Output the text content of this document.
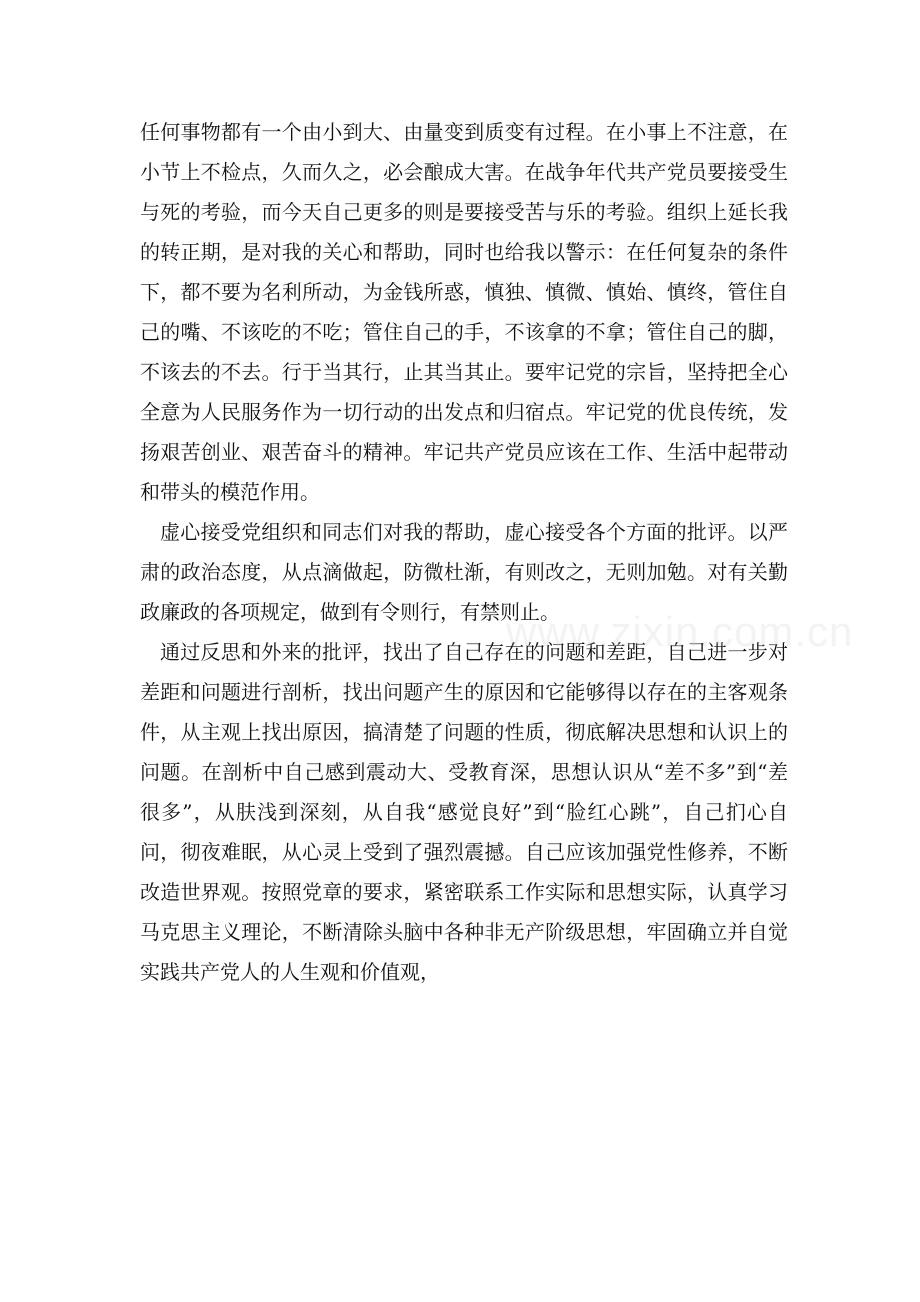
任何事物都有一个由小到大、由量变到质变有过程。在小事上不注意，在小节上不检点，久而久之，必会酿成大害。在战争年代共产党员要接受生与死的考验，而今天自己更多的则是要接受苦与乐的考验。组织上延长我的转正期，是对我的关心和帮助，同时也给我以警示：在任何复杂的条件下，都不要为名利所动，为金钱所惑，慎独、慎微、慎始、慎终，管住自己的嘴、不该吃的不吃；管住自己的手，不该拿的不拿；管住自己的脚，不该去的不去。行于当其行，止其当其止。要牢记党的宗旨，坚持把全心全意为人民服务作为一切行动的出发点和归宿点。牢记党的优良传统，发扬艰苦创业、艰苦奋斗的精神。牢记共产党员应该在工作、生活中起带动和带头的模范作用。

虚心接受党组织和同志们对我的帮助，虚心接受各个方面的批评。以严肃的政治态度，从点滴做起，防微杜渐，有则改之，无则加勉。对有关勤政廉政的各项规定，做到有令则行，有禁则止。

通过反思和外来的批评，找出了自己存在的问题和差距，自己进一步对差距和问题进行剖析，找出问题产生的原因和它能够得以存在的主客观条件，从主观上找出原因，搞清楚了问题的性质，彻底解决思想和认识上的问题。在剖析中自己感到震动大、受教育深，思想认识从“差不多”到“差很多”，从肤浅到深刻，从自我“感觉良好”到“脸红心跳”，自己扪心自问，彻夜难眠，从心灵上受到了强烈震撼。自己应该加强党性修养，不断改造世界观。按照党章的要求，紧密联系工作实际和思想实际，认真学习马克思主义理论，不断清除头脑中各种非无产阶级思想，牢固确立并自觉实践共产党人的人生观和价值观，

www.zixin.com.cn
